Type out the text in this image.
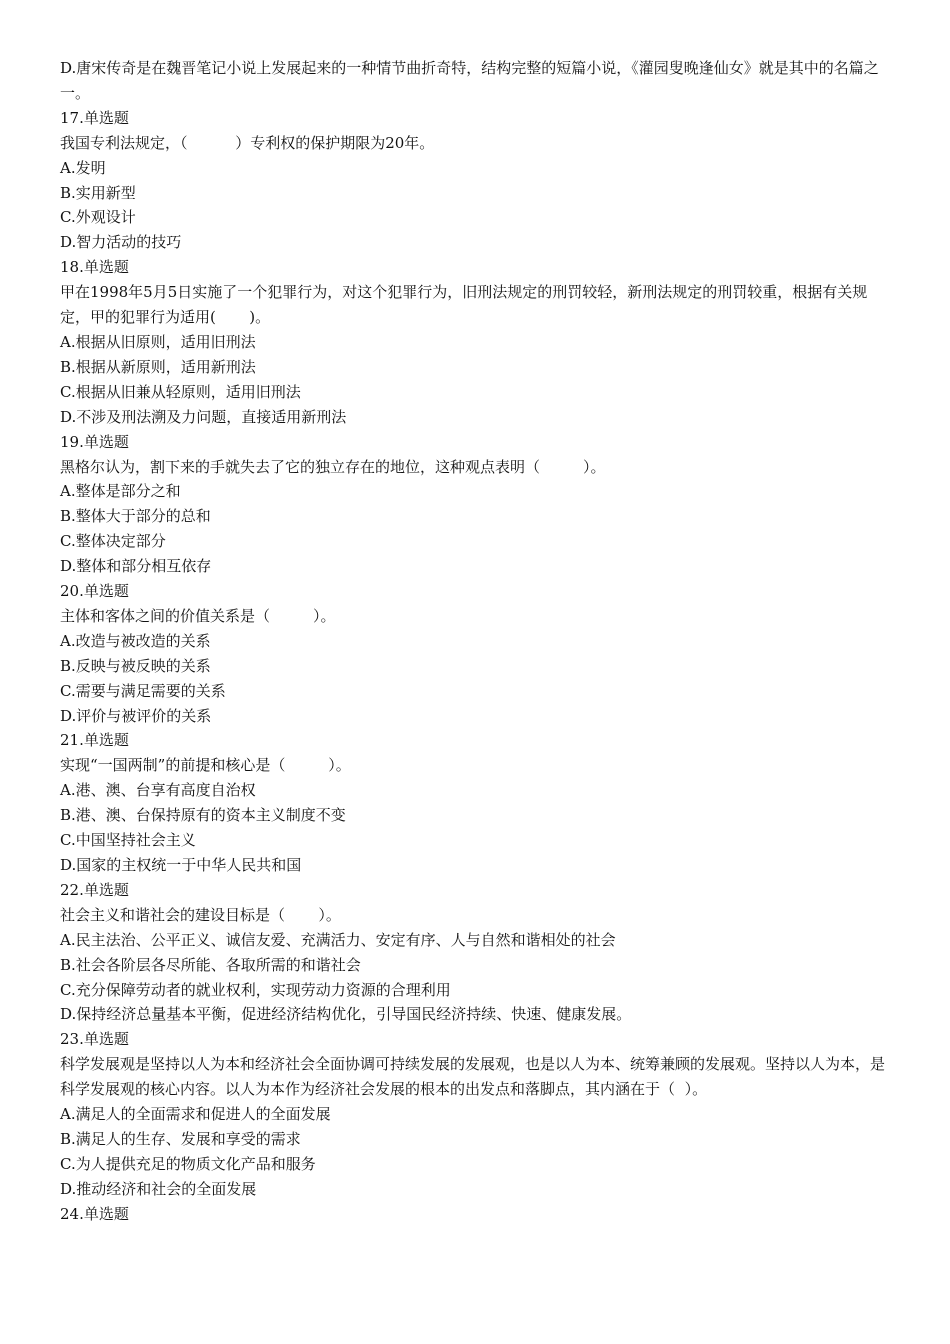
D.唐宋传奇是在魏晋笔记小说上发展起来的一种情节曲折奇特，结构完整的短篇小说，《灌园叟晚逢仙女》就是其中的名篇之一。

17.单选题

我国专利法规定，（	）专利权的保护期限为20年。

A.发明

B.实用新型

C.外观设计

D.智力活动的技巧

18.单选题

甲在1998年5月5日实施了一个犯罪行为，对这个犯罪行为，旧刑法规定的刑罚较轻，新刑法规定的刑罚较重，根据有关规定，甲的犯罪行为适用( )。

A.根据从旧原则，适用旧刑法

B.根据从新原则，适用新刑法

C.根据从旧兼从轻原则，适用旧刑法

D.不涉及刑法溯及力问题，直接适用新刑法

19.单选题

黑格尔认为，割下来的手就失去了它的独立存在的地位，这种观点表明（	）。

A.整体是部分之和

B.整体大于部分的总和

C.整体决定部分

D.整体和部分相互依存

20.单选题

主体和客体之间的价值关系是（	）。

A.改造与被改造的关系

B.反映与被反映的关系

C.需要与满足需要的关系

D.评价与被评价的关系

21.单选题

实现“一国两制”的前提和核心是（	）。

A.港、澳、台享有高度自治权

B.港、澳、台保持原有的资本主义制度不变

C.中国坚持社会主义

D.国家的主权统一于中华人民共和国

22.单选题

社会主义和谐社会的建设目标是（ ）。

A.民主法治、公平正义、诚信友爱、充满活力、安定有序、人与自然和谐相处的社会

B.社会各阶层各尽所能、各取所需的和谐社会

C.充分保障劳动者的就业权利，实现劳动力资源的合理利用

D.保持经济总量基本平衡，促进经济结构优化，引导国民经济持续、快速、健康发展。

23.单选题

科学发展观是坚持以人为本和经济社会全面协调可持续发展的发展观，也是以人为本、统筹兼顾的发展观。坚持以人为本，是科学发展观的核心内容。以人为本作为经济社会发展的根本的出发点和落脚点，其内涵在于（ ）。

A.满足人的全面需求和促进人的全面发展

B.满足人的生存、发展和享受的需求

C.为人提供充足的物质文化产品和服务

D.推动经济和社会的全面发展

24.单选题
